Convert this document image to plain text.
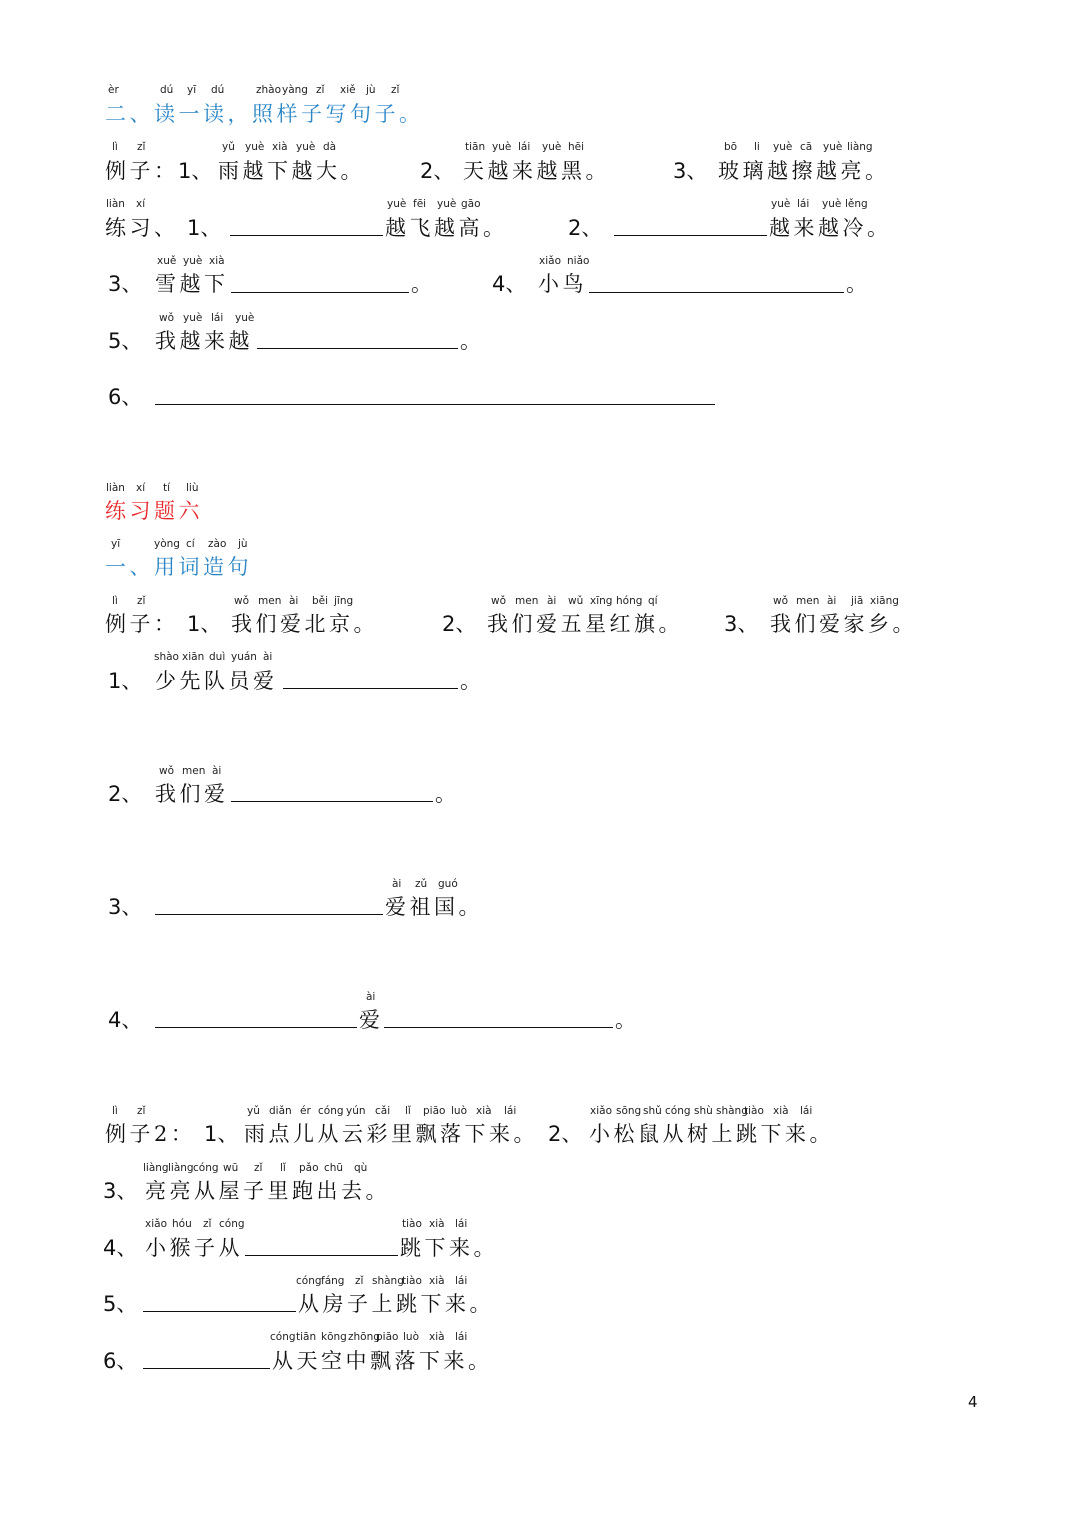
èr	dú yī dú	zhào yàng zǐ xiě jù zǐ
二、读一读，照样子写句子。
lì zǐ	yǔ yuè xià yuè dà	tiān yuè lái yuè hēi	bō li yuè cā yuè liàng
例子： 1、 雨越下越大。	2、 天越来越黑。	3、 玻璃越擦越亮。
liàn xí	yuè fēi yuè gāo	yuè lái yuè lěng
练习、 1、	越飞越高。	2、	越来越冷。
xuě yuè xià
3、 雪越下	。
xiǎo niǎo
4、 小鸟	。
wǒ yuè lái yuè
5、 我越来越	。
6、
liàn xí tí liù
练习题六
yī	yòng cí zào jù
一、用词造句
lì zǐ	wǒ men ài běi jīng	wǒ men ài wǔ xīng hóng qí	wǒ men ài jiā xiāng
例子： 1、 我们爱北京。	2、 我们爱五星红旗。 3、 我们爱家乡。
shào xiān duì yuán ài
1、 少先队员爱	。
wǒ men ài
2、 我们爱	。
ài zǔ guó
3、	爱祖国。
ài
4、	爱	。
lì zǐ	yǔ diǎn ér cóng yún cǎi lǐ piāo luò xià lái	xiǎo sōng shǔ cóng shù shàng
tiào xià lái
例子2： 1、 雨点儿从云彩里飘落下来。 2、 小松鼠从树上跳下来。
liàng liàng cóng wū zǐ lǐ pǎo chū qù
3、 亮亮从屋子里跑出去。
xiǎo hóu zǐ cóng	tiào xià lái
4、 小猴子从	跳下来。
cóng fáng zǐ shàng
tiào xià lái
5、	从房子上跳下来。
cóng tiān kōng zhōng
piāo luò xià lái
6、	从天空中飘落下来。
4
